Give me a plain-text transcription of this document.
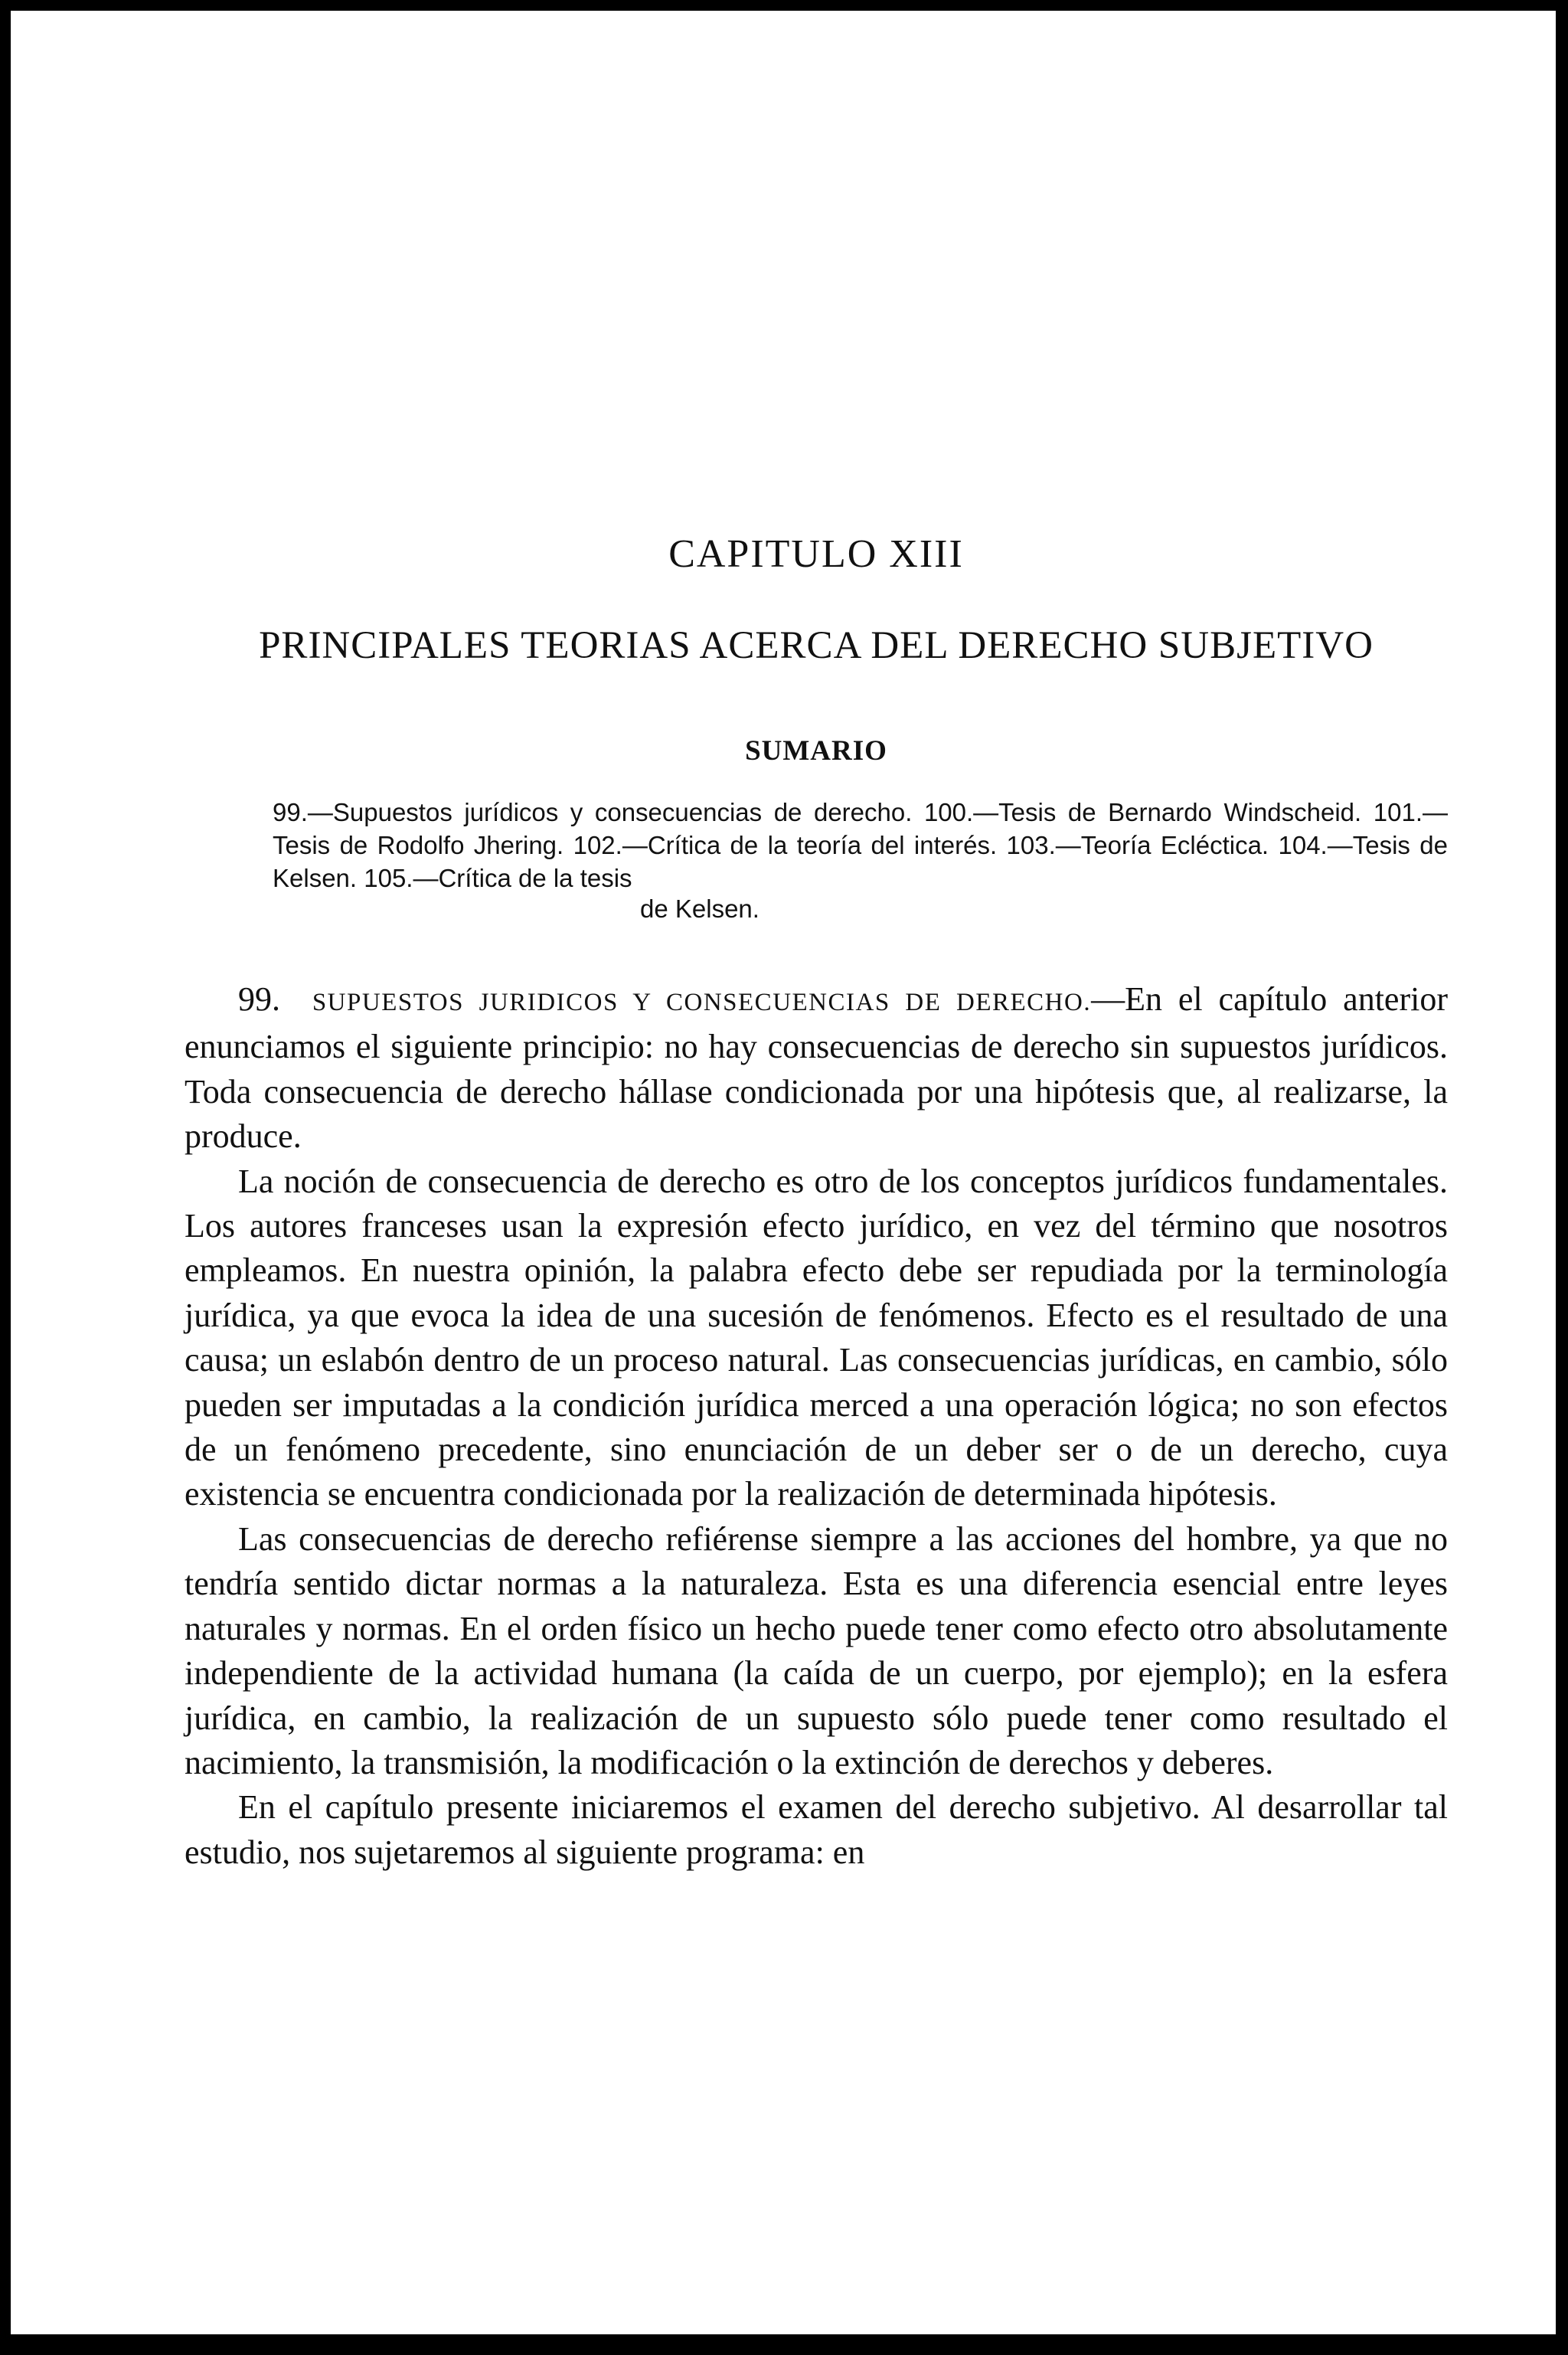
CAPITULO XIII
PRINCIPALES TEORIAS ACERCA DEL DERECHO SUBJETIVO
SUMARIO

99.—Supuestos jurídicos y consecuencias de derecho. 100.—Tesis de Bernardo Windscheid. 101.—Tesis de Rodolfo Jhering. 102.—Crítica de la teoría del interés. 103.—Teoría Ecléctica. 104.—Tesis de Kelsen. 105.—Crítica de la tesis

de Kelsen.

99. SUPUESTOS JURIDICOS Y CONSECUENCIAS DE DERECHO.—En el capítulo anterior enunciamos el siguiente principio: no hay consecuencias de derecho sin supuestos jurídicos. Toda consecuencia de derecho hállase condicionada por una hipótesis que, al realizarse, la produce.

La noción de consecuencia de derecho es otro de los conceptos jurídicos fundamentales. Los autores franceses usan la expresión efecto jurídico, en vez del término que nosotros empleamos. En nuestra opinión, la palabra efecto debe ser repudiada por la terminología jurídica, ya que evoca la idea de una sucesión de fenómenos. Efecto es el resultado de una causa; un eslabón dentro de un proceso natural. Las consecuencias jurídicas, en cambio, sólo pueden ser imputadas a la condición jurídica merced a una operación lógica; no son efectos de un fenómeno precedente, sino enunciación de un deber ser o de un derecho, cuya existencia se encuentra condicionada por la realización de determinada hipótesis.

Las consecuencias de derecho refiérense siempre a las acciones del hombre, ya que no tendría sentido dictar normas a la naturaleza. Esta es una diferencia esencial entre leyes naturales y normas. En el orden físico un hecho puede tener como efecto otro absolutamente independiente de la actividad humana (la caída de un cuerpo, por ejemplo); en la esfera jurídica, en cambio, la realización de un supuesto sólo puede tener como resultado el nacimiento, la transmisión, la modificación o la extinción de derechos y deberes.

En el capítulo presente iniciaremos el examen del derecho subjetivo. Al desarrollar tal estudio, nos sujetaremos al siguiente programa: en
